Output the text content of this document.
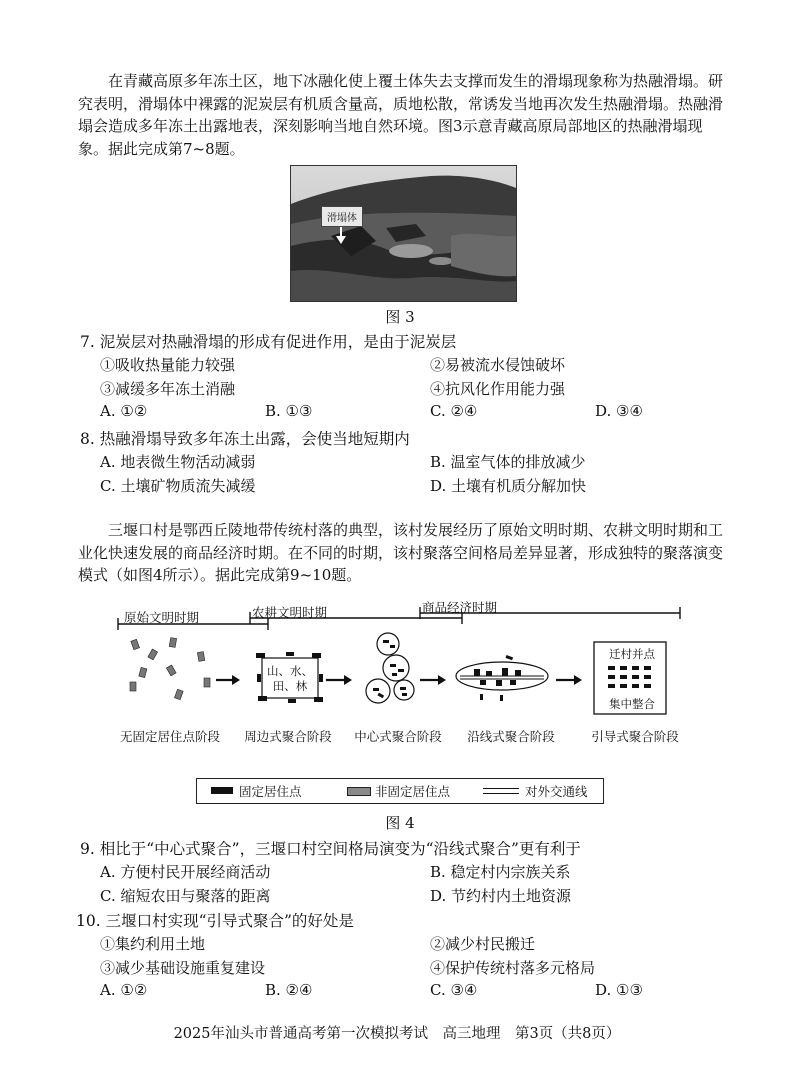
在青藏高原多年冻土区，地下冰融化使上覆土体失去支撑而发生的滑塌现象称为热融滑塌。研究表明，滑塌体中裸露的泥炭层有机质含量高，质地松散，常诱发当地再次发生热融滑塌。热融滑塌会造成多年冻土出露地表，深刻影响当地自然环境。图3示意青藏高原局部地区的热融滑塌现象。据此完成第7~8题。
滑塌体
图 3
7. 泥炭层对热融滑塌的形成有促进作用，是由于泥炭层
①吸收热量能力较强	②易被流水侵蚀破坏
③减缓多年冻土消融	④抗风化作用能力强
A. ①②	B. ①③	C. ②④	D. ③④
8. 热融滑塌导致多年冻土出露，会使当地短期内
A. 地表微生物活动减弱	B. 温室气体的排放减少
C. 土壤矿物质流失减缓	D. 土壤有机质分解加快
三堰口村是鄂西丘陵地带传统村落的典型，该村发展经历了原始文明时期、农耕文明时期和工业化快速发展的商品经济时期。在不同的时期，该村聚落空间格局差异显著，形成独特的聚落演变模式（如图4所示）。据此完成第9~10题。
原始文明时期	农耕文明时期	商品经济时期
山、水、田、林
迁村并点
集中整合
无固定居住点阶段	周边式聚合阶段	中心式聚合阶段	沿线式聚合阶段	引导式聚合阶段
固定居住点	非固定居住点	对外交通线
图 4
9. 相比于“中心式聚合”，三堰口村空间格局演变为“沿线式聚合”更有利于
A. 方便村民开展经商活动	B. 稳定村内宗族关系
C. 缩短农田与聚落的距离	D. 节约村内土地资源
10. 三堰口村实现“引导式聚合”的好处是
①集约利用土地	②减少村民搬迁
③减少基础设施重复建设	④保护传统村落多元格局
A. ①②	B. ②④	C. ③④	D. ①③
2025年汕头市普通高考第一次模拟考试　高三地理　第3页（共8页）
